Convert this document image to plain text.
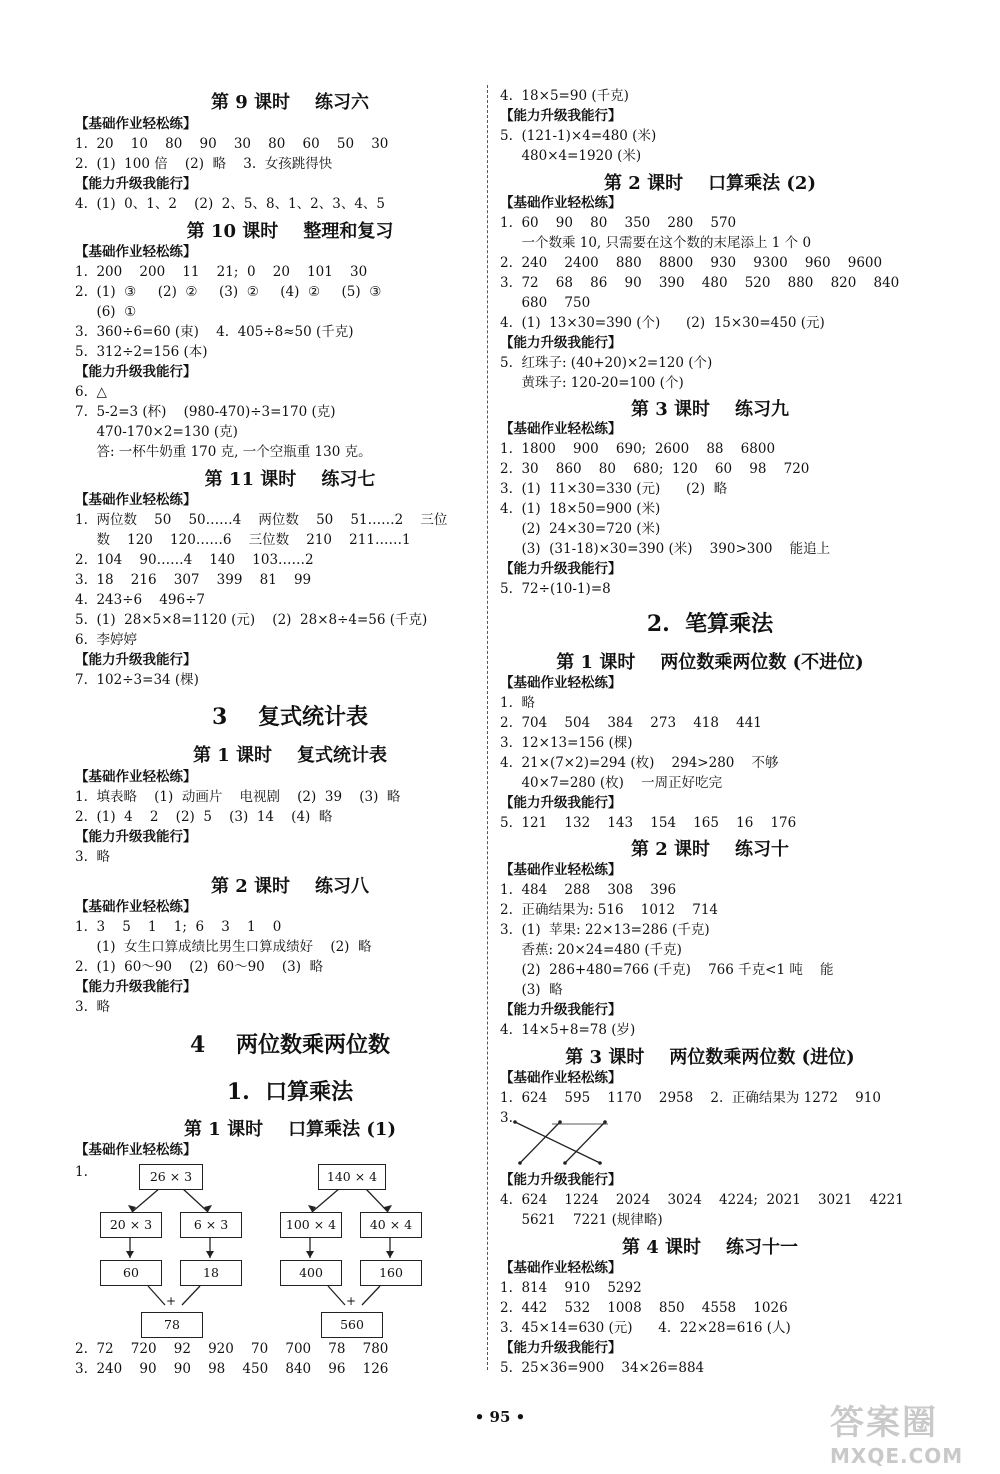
第 9 课时    练习六
【基础作业轻松练】
1.  20    10    80    90    30    80    60    50    30
2.  (1)  100 倍    (2)  略    3.  女孩跳得快
【能力升级我能行】
4.  (1)  0、1、2    (2)  2、5、8、1、2、3、4、5
第 10 课时    整理和复习
【基础作业轻松练】
1.  200    200    11    21;  0    20    101    30
2.  (1)  ③     (2)  ②     (3)  ②     (4)  ②     (5)  ③
(6)  ①
3.  360÷6=60 (束)    4.  405÷8≈50 (千克)
5.  312÷2=156 (本)
【能力升级我能行】
6.  △
7.  5-2=3 (杯)    (980-470)÷3=170 (克)
470-170×2=130 (克)
答: 一杯牛奶重 170 克, 一个空瓶重 130 克。
第 11 课时    练习七
【基础作业轻松练】
1.  两位数    50    50……4    两位数    50    51……2    三位
数    120    120……6    三位数    210    211……1
2.  104    90……4    140    103……2
3.  18    216    307    399    81    99
4.  243÷6    496÷7
5.  (1)  28×5×8=1120 (元)    (2)  28×8÷4=56 (千克)
6.  李婷婷
【能力升级我能行】
7.  102÷3=34 (棵)
3    复式统计表
第 1 课时    复式统计表
【基础作业轻松练】
1.  填表略    (1)  动画片    电视剧    (2)  39    (3)  略
2.  (1)  4    2    (2)  5    (3)  14    (4)  略
【能力升级我能行】
3.  略
第 2 课时    练习八
【基础作业轻松练】
1.  3    5    1    1;  6    3    1    0
(1)  女生口算成绩比男生口算成绩好    (2)  略
2.  (1)  60～90    (2)  60～90    (3)  略
【能力升级我能行】
3.  略
4    两位数乘两位数
1.  口算乘法
第 1 课时    口算乘法 (1)
【基础作业轻松练】
1.	26 × 3
20 × 3	6 × 3
60	18
+
78
140 × 4
100 × 4	40 × 4
400	160
+
560
2.  72    720    92    920    70    700    78    780
3.  240    90    90    98    450    840    96    126
4.  18×5=90 (千克)
【能力升级我能行】
5.  (121-1)×4=480 (米)
480×4=1920 (米)
第 2 课时    口算乘法 (2)
【基础作业轻松练】
1.  60    90    80    350    280    570
一个数乘 10, 只需要在这个数的末尾添上 1 个 0
2.  240    2400    880    8800    930    9300    960    9600
3.  72    68    86    90    390    480    520    880    820    840
680    750
4.  (1)  13×30=390 (个)      (2)  15×30=450 (元)
【能力升级我能行】
5.  红珠子: (40+20)×2=120 (个)
黄珠子: 120-20=100 (个)
第 3 课时    练习九
【基础作业轻松练】
1.  1800    900    690;  2600    88    6800
2.  30    860    80    680;  120    60    98    720
3.  (1)  11×30=330 (元)      (2)  略
4.  (1)  18×50=900 (米)
(2)  24×30=720 (米)
(3)  (31-18)×30=390 (米)    390>300    能追上
【能力升级我能行】
5.  72÷(10-1)=8
2.  笔算乘法
第 1 课时    两位数乘两位数 (不进位)
【基础作业轻松练】
1.  略
2.  704    504    384    273    418    441
3.  12×13=156 (棵)
4.  21×(7×2)=294 (枚)    294>280    不够
40×7=280 (枚)    一周正好吃完
【能力升级我能行】
5.  121    132    143    154    165    16    176
第 2 课时    练习十
【基础作业轻松练】
1.  484    288    308    396
2.  正确结果为: 516    1012    714
3.  (1)  苹果: 22×13=286 (千克)
香蕉: 20×24=480 (千克)
(2)  286+480=766 (千克)    766 千克<1 吨    能
(3)  略
【能力升级我能行】
4.  14×5+8=78 (岁)
第 3 课时    两位数乘两位数 (进位)
【基础作业轻松练】
1.  624    595    1170    2958    2.  正确结果为 1272    910
3.
【能力升级我能行】
4.  624    1224    2024    3024    4224;  2021    3021    4221
5621    7221 (规律略)
第 4 课时    练习十一
【基础作业轻松练】
1.  814    910    5292
2.  442    532    1008    850    4558    1026
3.  45×14=630 (元)      4.  22×28=616 (人)
【能力升级我能行】
5.  25×36=900    34×26=884
• 95 •	答案圈
MXQE.COM
